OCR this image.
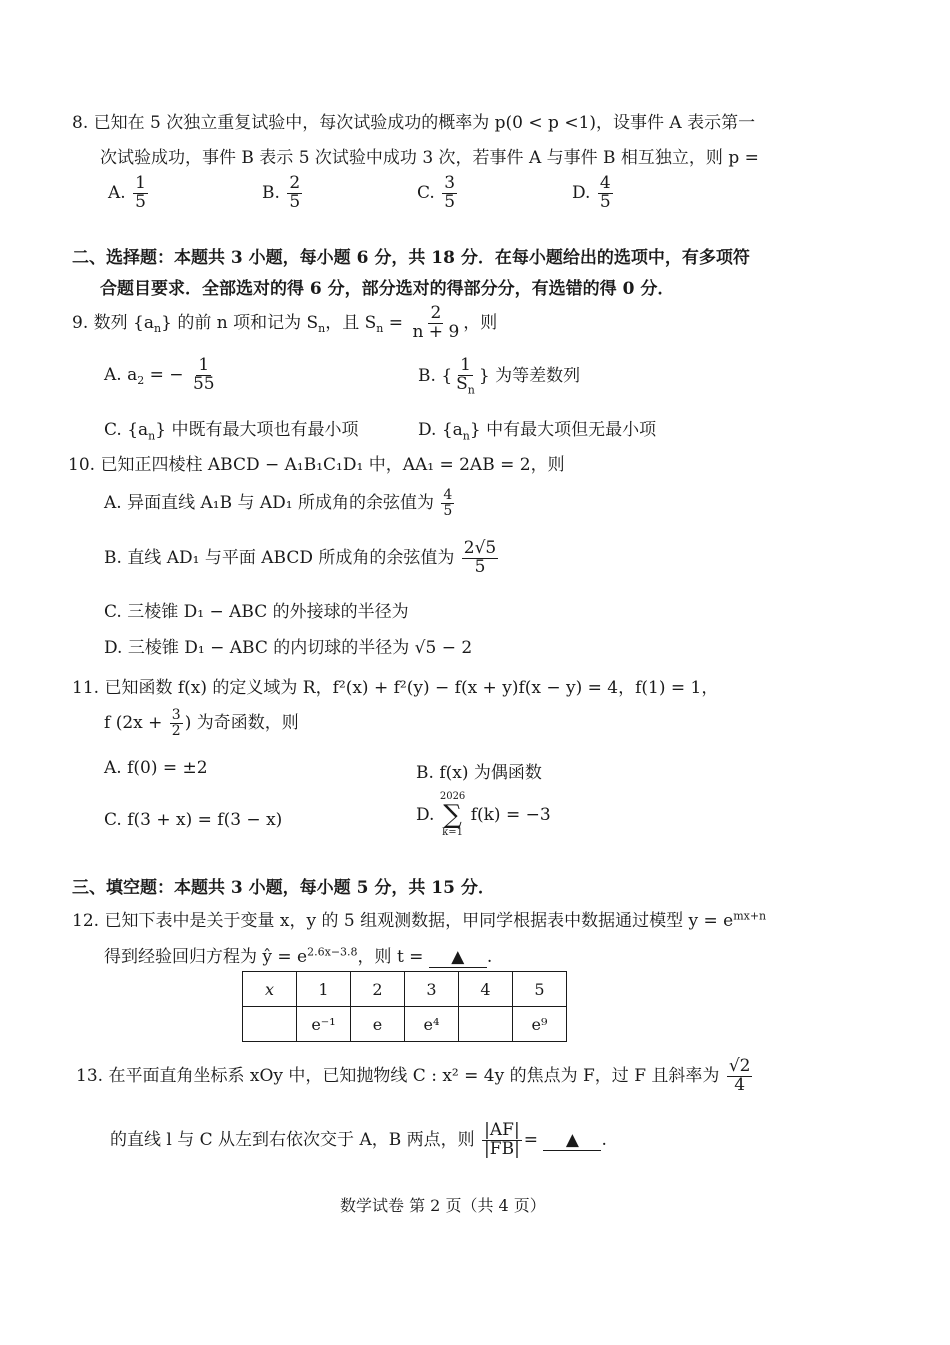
8. 已知在 5 次独立重复试验中，每次试验成功的概率为 p(0 < p <1)，设事件 A 表示第一
次试验成功，事件 B 表示 5 次试验中成功 3 次，若事件 A 与事件 B 相互独立，则 p =
A. $\frac{1}{5}$	B. $\frac{2}{5}$	C. $\frac{3}{5}$	D. $\frac{4}{5}$
二、选择题：本题共 3 小题，每小题 6 分，共 18 分．在每小题给出的选项中，有多项符
合题目要求．全部选对的得 6 分，部分选对的得部分分，有选错的得 0 分．
9. 数列 $\{a_n\}$ 的前 n 项和记为 $S_n$，且 $S_n = \frac{2}{n + 9}$ ，则
A. $a_2$ = − $\frac{1}{55}$	B. { $\frac{1}{S_n}$ } 为等差数列
C. $\{a_n\}$ 中既有最大项也有最小项	D. $\{a_n\}$ 中有最大项但无最小项
10. 已知正四棱柱 ABCD − A₁B₁C₁D₁ 中，AA₁ = 2AB = 2，则
A. 异面直线 A₁B 与 AD₁ 所成角的余弦值为 $\frac{4}{5}$
B. 直线 AD₁ 与平面 ABCD 所成角的余弦值为 $\frac{2√5}{5}$
C. 三棱锥 D₁ − ABC 的外接球的半径为
D. 三棱锥 D₁ − ABC 的内切球的半径为 √5 − 2
11. 已知函数 f(x) 的定义域为 R，f²(x) + f²(y) − f(x + y)f(x − y) = 4，f(1) = 1，
f ($2x + \frac{3}{2}$ ) 为奇函数，则
A. f(0) = ±2	B. f(x) 为偶函数
C. f(3 + x) = f(3 − x)	D.
2026
∑
k=1
f(k) = −3
三、填空题：本题共 3 小题，每小题 5 分，共 15 分．
12. 已知下表中是关于变量 x，y 的 5 组观测数据，甲同学根据表中数据通过模型 $y = e^{mx+n}$
得到经验回归方程为 ŷ = $e^{2.6x-3.8}$，则 t = ▲ .
x	1	2	3	4	5
	e⁻¹	e	e⁴		e⁹
13. 在平面直角坐标系 xOy 中，已知抛物线 C : x² = 4y 的焦点为 F，过 F 且斜率为 $\frac{√2}{4}$
的直线 l 与 C 从左到右依次交于 A，B 两点，则 $\frac{|AF|}{|FB|}$ = ▲ .
数学试卷 第 2 页（共 4 页）
